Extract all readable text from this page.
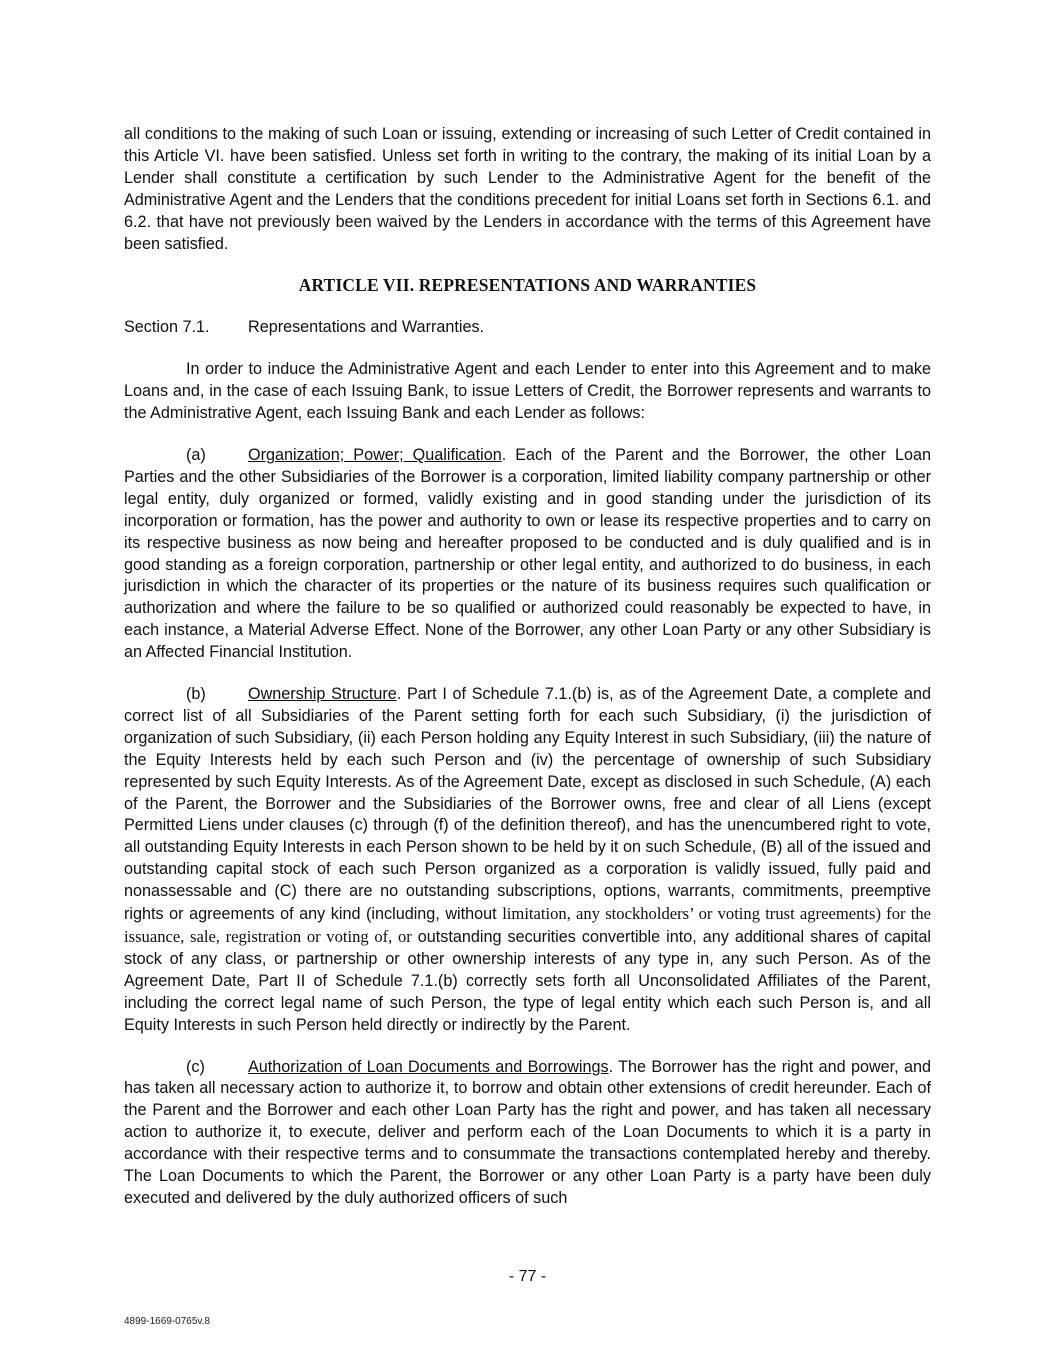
all conditions to the making of such Loan or issuing, extending or increasing of such Letter of Credit contained in this Article VI. have been satisfied. Unless set forth in writing to the contrary, the making of its initial Loan by a Lender shall constitute a certification by such Lender to the Administrative Agent for the benefit of the Administrative Agent and the Lenders that the conditions precedent for initial Loans set forth in Sections 6.1. and 6.2. that have not previously been waived by the Lenders in accordance with the terms of this Agreement have been satisfied.

ARTICLE VII. REPRESENTATIONS AND WARRANTIES
Section 7.1. Representations and Warranties.

In order to induce the Administrative Agent and each Lender to enter into this Agreement and to make Loans and, in the case of each Issuing Bank, to issue Letters of Credit, the Borrower represents and warrants to the Administrative Agent, each Issuing Bank and each Lender as follows:

(a)	Organization; Power; Qualification. Each of the Parent and the Borrower, the other Loan Parties and the other Subsidiaries of the Borrower is a corporation, limited liability company partnership or other legal entity, duly organized or formed, validly existing and in good standing under the jurisdiction of its incorporation or formation, has the power and authority to own or lease its respective properties and to carry on its respective business as now being and hereafter proposed to be conducted and is duly qualified and is in good standing as a foreign corporation, partnership or other legal entity, and authorized to do business, in each jurisdiction in which the character of its properties or the nature of its business requires such qualification or authorization and where the failure to be so qualified or authorized could reasonably be expected to have, in each instance, a Material Adverse Effect. None of the Borrower, any other Loan Party or any other Subsidiary is an Affected Financial Institution.

(b)	Ownership Structure. Part I of Schedule 7.1.(b) is, as of the Agreement Date, a complete and correct list of all Subsidiaries of the Parent setting forth for each such Subsidiary, (i) the jurisdiction of organization of such Subsidiary, (ii) each Person holding any Equity Interest in such Subsidiary, (iii) the nature of the Equity Interests held by each such Person and (iv) the percentage of ownership of such Subsidiary represented by such Equity Interests. As of the Agreement Date, except as disclosed in such Schedule, (A) each of the Parent, the Borrower and the Subsidiaries of the Borrower owns, free and clear of all Liens (except Permitted Liens under clauses (c) through (f) of the definition thereof), and has the unencumbered right to vote, all outstanding Equity Interests in each Person shown to be held by it on such Schedule, (B) all of the issued and outstanding capital stock of each such Person organized as a corporation is validly issued, fully paid and nonassessable and (C) there are no outstanding subscriptions, options, warrants, commitments, preemptive rights or agreements of any kind (including, without limitation, any stockholders’ or voting trust agreements) for the issuance, sale, registration or voting of, or outstanding securities convertible into, any additional shares of capital stock of any class, or partnership or other ownership interests of any type in, any such Person. As of the Agreement Date, Part II of Schedule 7.1.(b) correctly sets forth all Unconsolidated Affiliates of the Parent, including the correct legal name of such Person, the type of legal entity which each such Person is, and all Equity Interests in such Person held directly or indirectly by the Parent.

(c)	Authorization of Loan Documents and Borrowings. The Borrower has the right and power, and has taken all necessary action to authorize it, to borrow and obtain other extensions of credit hereunder. Each of the Parent and the Borrower and each other Loan Party has the right and power, and has taken all necessary action to authorize it, to execute, deliver and perform each of the Loan Documents to which it is a party in accordance with their respective terms and to consummate the transactions contemplated hereby and thereby. The Loan Documents to which the Parent, the Borrower or any other Loan Party is a party have been duly executed and delivered by the duly authorized officers of such

- 77 -
4899-1669-0765v.8
